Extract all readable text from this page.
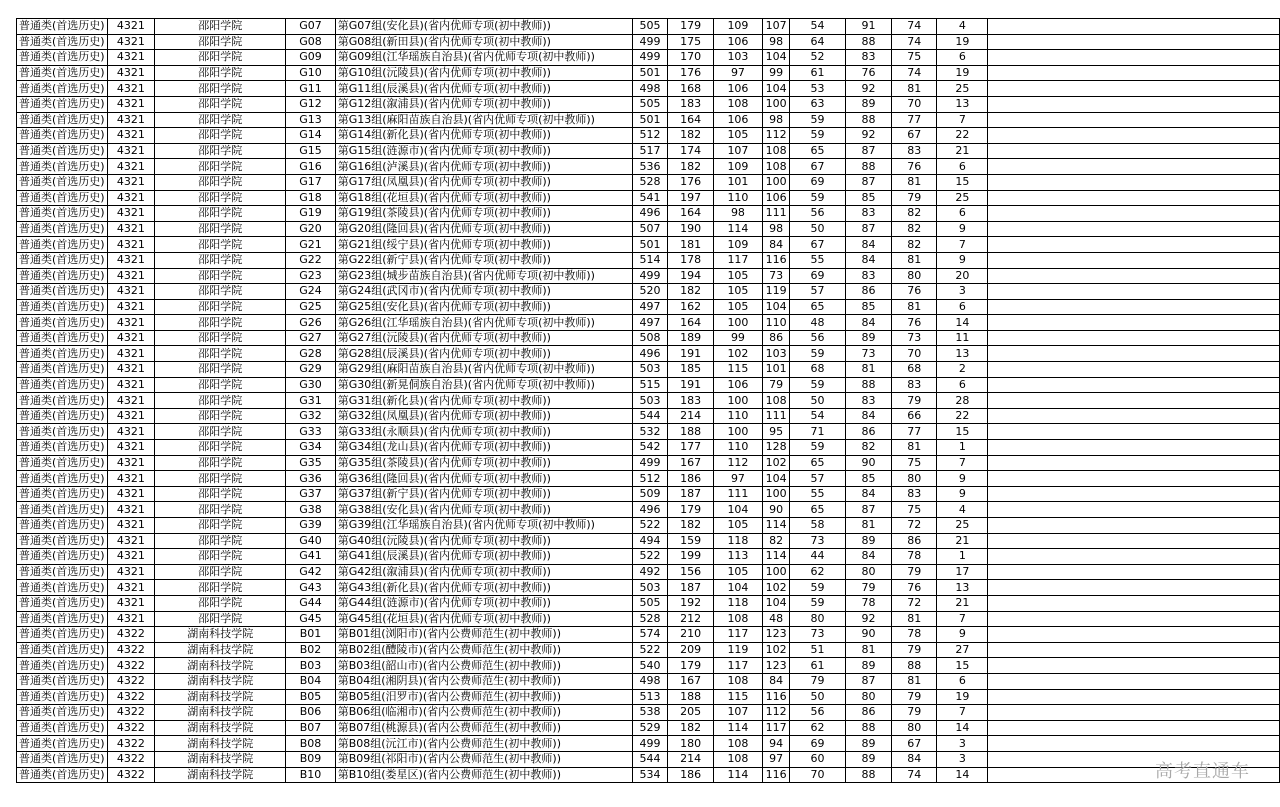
普通类(首选历史)	4321	邵阳学院	G07	第G07组(安化县)(省内优师专项(初中教师))	505	179	109	107	54	91	74	4	
普通类(首选历史)	4321	邵阳学院	G08	第G08组(新田县)(省内优师专项(初中教师))	499	175	106	98	64	88	74	19	
普通类(首选历史)	4321	邵阳学院	G09	第G09组(江华瑶族自治县)(省内优师专项(初中教师))	499	170	103	104	52	83	75	6	
普通类(首选历史)	4321	邵阳学院	G10	第G10组(沅陵县)(省内优师专项(初中教师))	501	176	97	99	61	76	74	19	
普通类(首选历史)	4321	邵阳学院	G11	第G11组(辰溪县)(省内优师专项(初中教师))	498	168	106	104	53	92	81	25	
普通类(首选历史)	4321	邵阳学院	G12	第G12组(溆浦县)(省内优师专项(初中教师))	505	183	108	100	63	89	70	13	
普通类(首选历史)	4321	邵阳学院	G13	第G13组(麻阳苗族自治县)(省内优师专项(初中教师))	501	164	106	98	59	88	77	7	
普通类(首选历史)	4321	邵阳学院	G14	第G14组(新化县)(省内优师专项(初中教师))	512	182	105	112	59	92	67	22	
普通类(首选历史)	4321	邵阳学院	G15	第G15组(涟源市)(省内优师专项(初中教师))	517	174	107	108	65	87	83	21	
普通类(首选历史)	4321	邵阳学院	G16	第G16组(泸溪县)(省内优师专项(初中教师))	536	182	109	108	67	88	76	6	
普通类(首选历史)	4321	邵阳学院	G17	第G17组(凤凰县)(省内优师专项(初中教师))	528	176	101	100	69	87	81	15	
普通类(首选历史)	4321	邵阳学院	G18	第G18组(花垣县)(省内优师专项(初中教师))	541	197	110	106	59	85	79	25	
普通类(首选历史)	4321	邵阳学院	G19	第G19组(茶陵县)(省内优师专项(初中教师))	496	164	98	111	56	83	82	6	
普通类(首选历史)	4321	邵阳学院	G20	第G20组(隆回县)(省内优师专项(初中教师))	507	190	114	98	50	87	82	9	
普通类(首选历史)	4321	邵阳学院	G21	第G21组(绥宁县)(省内优师专项(初中教师))	501	181	109	84	67	84	82	7	
普通类(首选历史)	4321	邵阳学院	G22	第G22组(新宁县)(省内优师专项(初中教师))	514	178	117	116	55	84	81	9	
普通类(首选历史)	4321	邵阳学院	G23	第G23组(城步苗族自治县)(省内优师专项(初中教师))	499	194	105	73	69	83	80	20	
普通类(首选历史)	4321	邵阳学院	G24	第G24组(武冈市)(省内优师专项(初中教师))	520	182	105	119	57	86	76	3	
普通类(首选历史)	4321	邵阳学院	G25	第G25组(安化县)(省内优师专项(初中教师))	497	162	105	104	65	85	81	6	
普通类(首选历史)	4321	邵阳学院	G26	第G26组(江华瑶族自治县)(省内优师专项(初中教师))	497	164	100	110	48	84	76	14	
普通类(首选历史)	4321	邵阳学院	G27	第G27组(沅陵县)(省内优师专项(初中教师))	508	189	99	86	56	89	73	11	
普通类(首选历史)	4321	邵阳学院	G28	第G28组(辰溪县)(省内优师专项(初中教师))	496	191	102	103	59	73	70	13	
普通类(首选历史)	4321	邵阳学院	G29	第G29组(麻阳苗族自治县)(省内优师专项(初中教师))	503	185	115	101	68	81	68	2	
普通类(首选历史)	4321	邵阳学院	G30	第G30组(新晃侗族自治县)(省内优师专项(初中教师))	515	191	106	79	59	88	83	6	
普通类(首选历史)	4321	邵阳学院	G31	第G31组(新化县)(省内优师专项(初中教师))	503	183	100	108	50	83	79	28	
普通类(首选历史)	4321	邵阳学院	G32	第G32组(凤凰县)(省内优师专项(初中教师))	544	214	110	111	54	84	66	22	
普通类(首选历史)	4321	邵阳学院	G33	第G33组(永顺县)(省内优师专项(初中教师))	532	188	100	95	71	86	77	15	
普通类(首选历史)	4321	邵阳学院	G34	第G34组(龙山县)(省内优师专项(初中教师))	542	177	110	128	59	82	81	1	
普通类(首选历史)	4321	邵阳学院	G35	第G35组(茶陵县)(省内优师专项(初中教师))	499	167	112	102	65	90	75	7	
普通类(首选历史)	4321	邵阳学院	G36	第G36组(隆回县)(省内优师专项(初中教师))	512	186	97	104	57	85	80	9	
普通类(首选历史)	4321	邵阳学院	G37	第G37组(新宁县)(省内优师专项(初中教师))	509	187	111	100	55	84	83	9	
普通类(首选历史)	4321	邵阳学院	G38	第G38组(安化县)(省内优师专项(初中教师))	496	179	104	90	65	87	75	4	
普通类(首选历史)	4321	邵阳学院	G39	第G39组(江华瑶族自治县)(省内优师专项(初中教师))	522	182	105	114	58	81	72	25	
普通类(首选历史)	4321	邵阳学院	G40	第G40组(沅陵县)(省内优师专项(初中教师))	494	159	118	82	73	89	86	21	
普通类(首选历史)	4321	邵阳学院	G41	第G41组(辰溪县)(省内优师专项(初中教师))	522	199	113	114	44	84	78	1	
普通类(首选历史)	4321	邵阳学院	G42	第G42组(溆浦县)(省内优师专项(初中教师))	492	156	105	100	62	80	79	17	
普通类(首选历史)	4321	邵阳学院	G43	第G43组(新化县)(省内优师专项(初中教师))	503	187	104	102	59	79	76	13	
普通类(首选历史)	4321	邵阳学院	G44	第G44组(涟源市)(省内优师专项(初中教师))	505	192	118	104	59	78	72	21	
普通类(首选历史)	4321	邵阳学院	G45	第G45组(花垣县)(省内优师专项(初中教师))	528	212	108	48	80	92	81	7	
普通类(首选历史)	4322	湖南科技学院	B01	第B01组(浏阳市)(省内公费师范生(初中教师))	574	210	117	123	73	90	78	9	
普通类(首选历史)	4322	湖南科技学院	B02	第B02组(醴陵市)(省内公费师范生(初中教师))	522	209	119	102	51	81	79	27	
普通类(首选历史)	4322	湖南科技学院	B03	第B03组(韶山市)(省内公费师范生(初中教师))	540	179	117	123	61	89	88	15	
普通类(首选历史)	4322	湖南科技学院	B04	第B04组(湘阴县)(省内公费师范生(初中教师))	498	167	108	84	79	87	81	6	
普通类(首选历史)	4322	湖南科技学院	B05	第B05组(汨罗市)(省内公费师范生(初中教师))	513	188	115	116	50	80	79	19	
普通类(首选历史)	4322	湖南科技学院	B06	第B06组(临湘市)(省内公费师范生(初中教师))	538	205	107	112	56	86	79	7	
普通类(首选历史)	4322	湖南科技学院	B07	第B07组(桃源县)(省内公费师范生(初中教师))	529	182	114	117	62	88	80	14	
普通类(首选历史)	4322	湖南科技学院	B08	第B08组(沅江市)(省内公费师范生(初中教师))	499	180	108	94	69	89	67	3	
普通类(首选历史)	4322	湖南科技学院	B09	第B09组(祁阳市)(省内公费师范生(初中教师))	544	214	108	97	60	89	84	3	
普通类(首选历史)	4322	湖南科技学院	B10	第B10组(娄星区)(省内公费师范生(初中教师))	534	186	114	116	70	88	74	14		高考直通车
